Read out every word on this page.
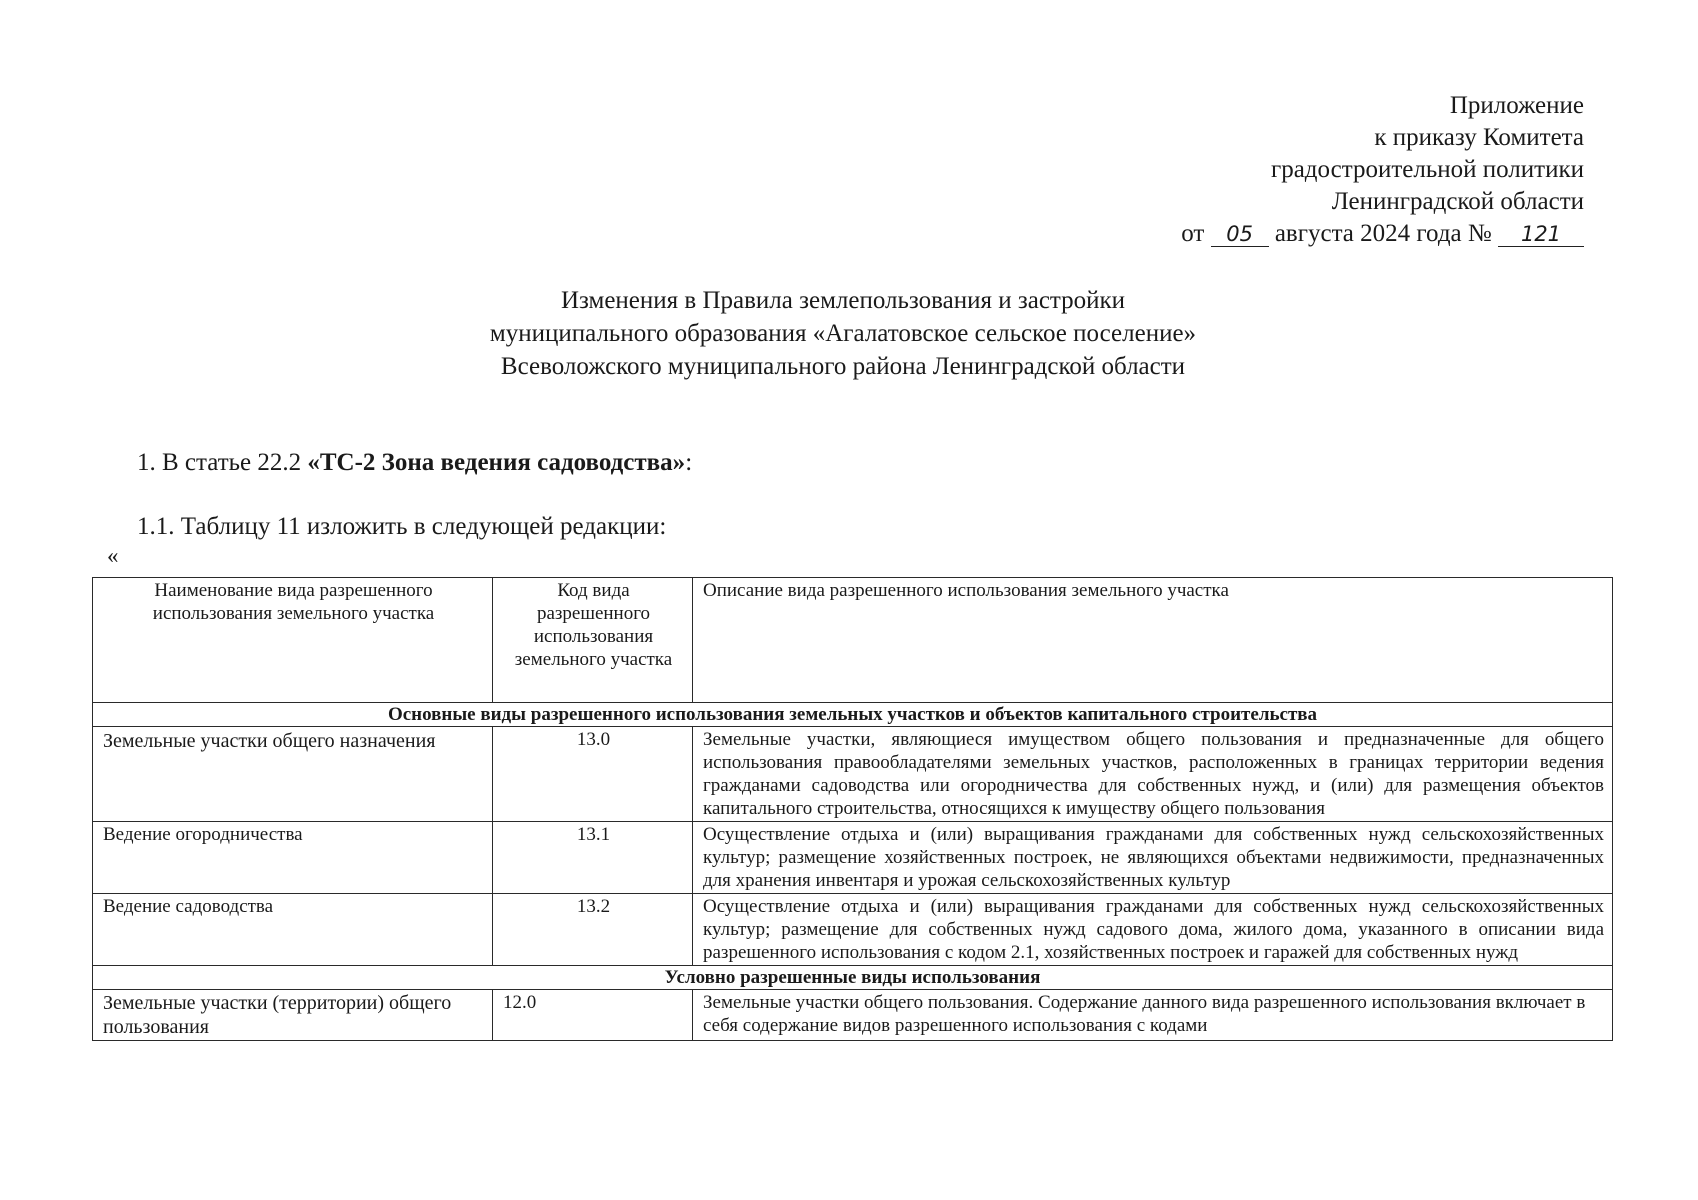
Приложение
к приказу Комитета
градостроительной политики
Ленинградской области
от 05 августа 2024 года № 121
Изменения в Правила землепользования и застройки
муниципального образования «Агалатовское сельское поселение»
Всеволожского муниципального района Ленинградской области
1. В статье 22.2 «ТС-2 Зона ведения садоводства»:
1.1. Таблицу 11 изложить в следующей редакции:
«
Наименование вида разрешенного использования земельного участка	Код вида разрешенного использования земельного участка	Описание вида разрешенного использования земельного участка
Основные виды разрешенного использования земельных участков и объектов капитального строительства		
Земельные участки общего назначения	13.0	Земельные участки, являющиеся имуществом общего пользования и предназначенные для общего использования правообладателями земельных участков, расположенных в границах территории ведения гражданами садоводства или огородничества для собственных нужд, и (или) для размещения объектов капитального строительства, относящихся к имуществу общего пользования
Ведение огородничества	13.1	Осуществление отдыха и (или) выращивания гражданами для собственных нужд сельскохозяйственных культур; размещение хозяйственных построек, не являющихся объектами недвижимости, предназначенных для хранения инвентаря и урожая сельскохозяйственных культур
Ведение садоводства	13.2	Осуществление отдыха и (или) выращивания гражданами для собственных нужд сельскохозяйственных культур; размещение для собственных нужд садового дома, жилого дома, указанного в описании вида разрешенного использования с кодом 2.1, хозяйственных построек и гаражей для собственных нужд
Условно разрешенные виды использования		
Земельные участки (территории) общего пользования	12.0	Земельные участки общего пользования. Содержание данного вида разрешенного использования включает в себя содержание видов разрешенного использования с кодами
